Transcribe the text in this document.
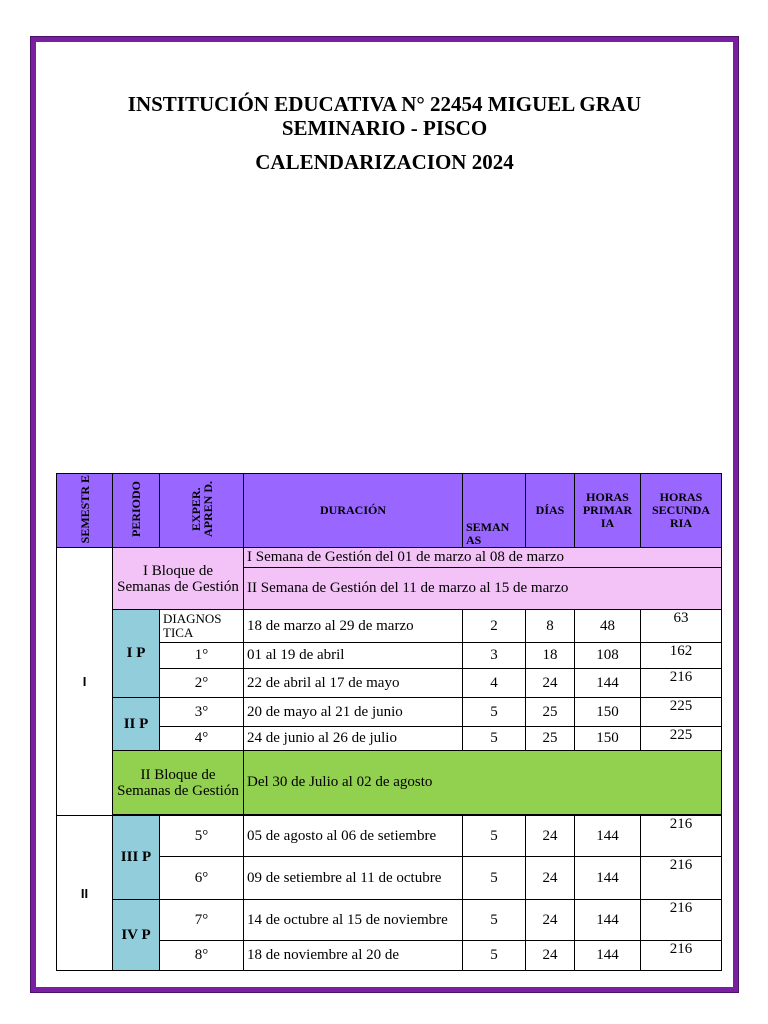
INSTITUCIÓN EDUCATIVA N° 22454 MIGUEL GRAU
SEMINARIO - PISCO
CALENDARIZACION 2024
SEMESTR E	PERIODO	EXPER. APREN D.	DURACIÓN	SEMAN AS	DÍAS	HORAS PRIMAR IA	HORAS SECUNDA RIA
I	I Bloque de Semanas de Gestión		I Semana de Gestión del 01 de marzo al 08 de marzo				
			II Semana de Gestión del 11 de marzo al 15 de marzo				
	I P	DIAGNOS TICA	18 de marzo al 29 de marzo	2	8	48	63
		1°	01 al 19 de abril	3	18	108	162
		2°	22 de abril al 17 de mayo	4	24	144	216
	II P	3°	20 de mayo al 21 de junio	5	25	150	225
		4°	24 de junio al 26 de julio	5	25	150	225
	II Bloque de Semanas de Gestión		Del 30 de Julio al 02 de agosto				

II	III P	5°	05 de agosto al 06 de setiembre	5	24	144	216
		6°	09 de setiembre al 11 de octubre	5	24	144	216
	IV P	7°	14 de octubre al 15 de noviembre	5	24	144	216
		8°	18 de noviembre al 20 de	5	24	144	216
